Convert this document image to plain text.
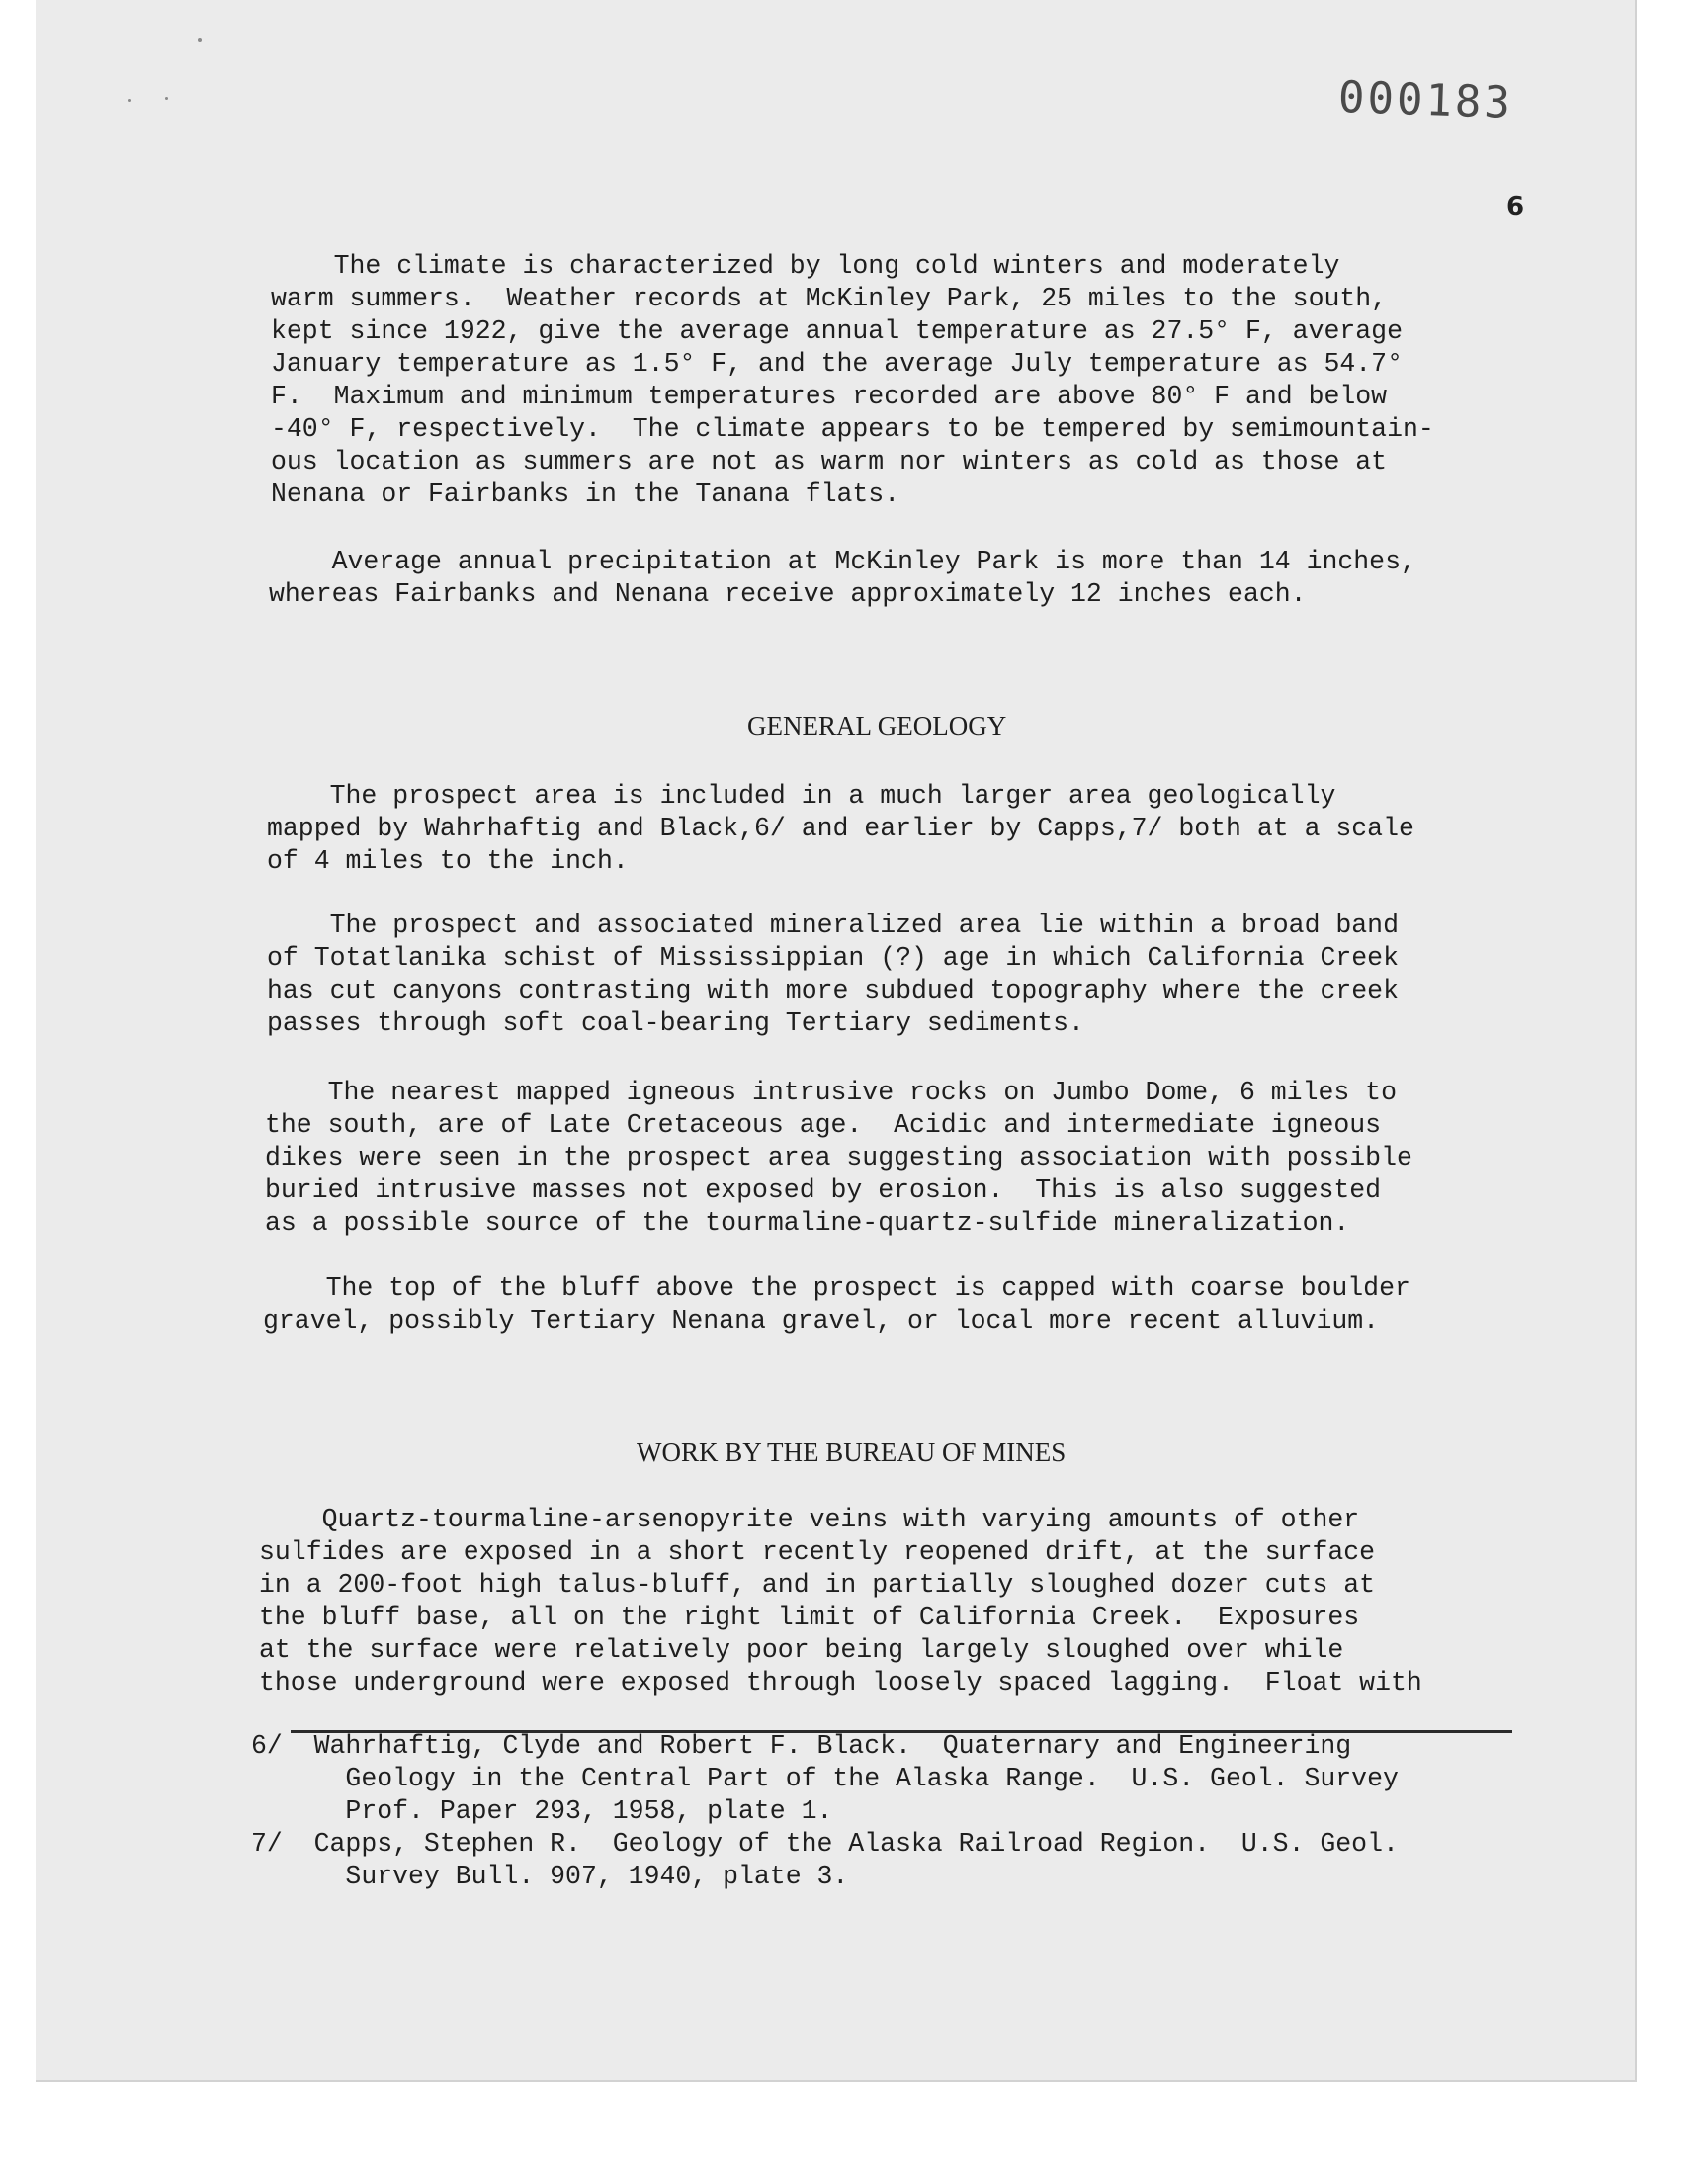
000183
6
The climate is characterized by long cold winters and moderately
warm summers.  Weather records at McKinley Park, 25 miles to the south,
kept since 1922, give the average annual temperature as 27.5° F, average
January temperature as 1.5° F, and the average July temperature as 54.7°
F.  Maximum and minimum temperatures recorded are above 80° F and below
-40° F, respectively.  The climate appears to be tempered by semimountain-
ous location as summers are not as warm nor winters as cold as those at
Nenana or Fairbanks in the Tanana flats.
Average annual precipitation at McKinley Park is more than 14 inches,
whereas Fairbanks and Nenana receive approximately 12 inches each.
GENERAL GEOLOGY
The prospect area is included in a much larger area geologically
mapped by Wahrhaftig and Black,6/ and earlier by Capps,7/ both at a scale
of 4 miles to the inch.
The prospect and associated mineralized area lie within a broad band
of Totatlanika schist of Mississippian (?) age in which California Creek
has cut canyons contrasting with more subdued topography where the creek
passes through soft coal-bearing Tertiary sediments.
The nearest mapped igneous intrusive rocks on Jumbo Dome, 6 miles to
the south, are of Late Cretaceous age.  Acidic and intermediate igneous
dikes were seen in the prospect area suggesting association with possible
buried intrusive masses not exposed by erosion.  This is also suggested
as a possible source of the tourmaline-quartz-sulfide mineralization.
The top of the bluff above the prospect is capped with coarse boulder
gravel, possibly Tertiary Nenana gravel, or local more recent alluvium.
WORK BY THE BUREAU OF MINES
Quartz-tourmaline-arsenopyrite veins with varying amounts of other
sulfides are exposed in a short recently reopened drift, at the surface
in a 200-foot high talus-bluff, and in partially sloughed dozer cuts at
the bluff base, all on the right limit of California Creek.  Exposures
at the surface were relatively poor being largely sloughed over while
those underground were exposed through loosely spaced lagging.  Float with
6/  Wahrhaftig, Clyde and Robert F. Black.  Quaternary and Engineering
Geology in the Central Part of the Alaska Range.  U.S. Geol. Survey
Prof. Paper 293, 1958, plate 1.
7/  Capps, Stephen R.  Geology of the Alaska Railroad Region.  U.S. Geol.
Survey Bull. 907, 1940, plate 3.
